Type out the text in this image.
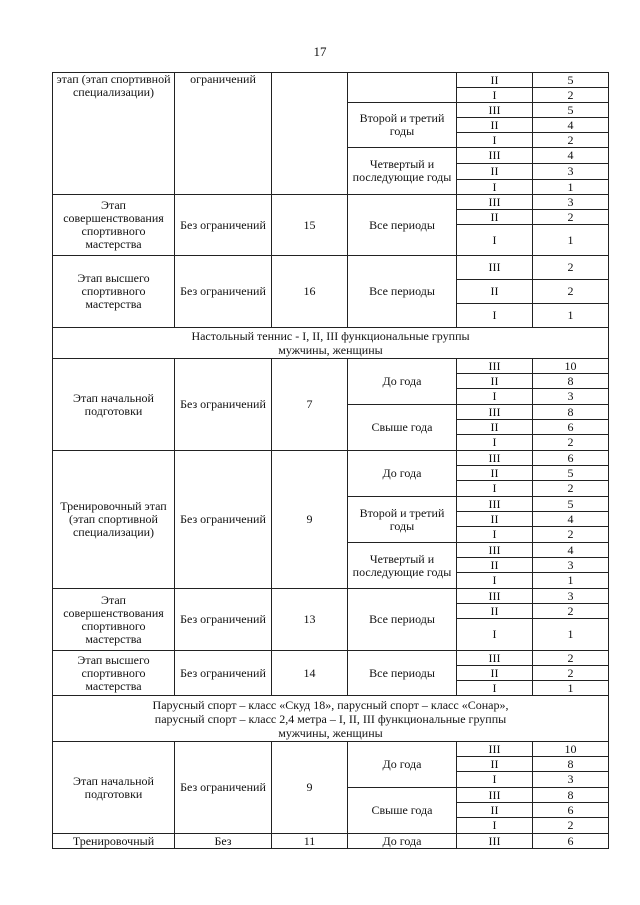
17
этап (этап спортивной специализации)	ограничений			II	5
				I	2
			Второй и третий годы	III	5
				II	4
				I	2
			Четвертый и последующие годы	III	4
				II	3
				I	1
Этап совершенствования спортивного мастерства	Без ограничений	15	Все периоды	III	3
				II	2
				I	1
Этап высшего спортивного мастерства	Без ограничений	16	Все периоды	III	2
				II	2
				I	1

Настольный теннис - I, II, III функциональные группы
мужчины, женщины					

Этап начальной подготовки	Без ограничений	7	До года	III	10
				II	8
				I	3
			Свыше года	III	8
				II	6
				I	2
Тренировочный этап (этап спортивной специализации)	Без ограничений	9	До года	III	6
				II	5
				I	2
			Второй и третий годы	III	5
				II	4
				I	2
			Четвертый и последующие годы	III	4
				II	3
				I	1
Этап совершенствования спортивного мастерства	Без ограничений	13	Все периоды	III	3
				II	2
				I	1
Этап высшего спортивного мастерства	Без ограничений	14	Все периоды	III	2
				II	2
				I	1

Парусный спорт – класс «Скуд 18», парусный спорт – класс «Сонар»,
парусный спорт – класс 2,4 метра – I, II, III функциональные группы
мужчины, женщины					

Этап начальной подготовки	Без ограничений	9	До года	III	10
				II	8
				I	3
			Свыше года	III	8
				II	6
				I	2
Тренировочный	Без	11	До года	III	6
